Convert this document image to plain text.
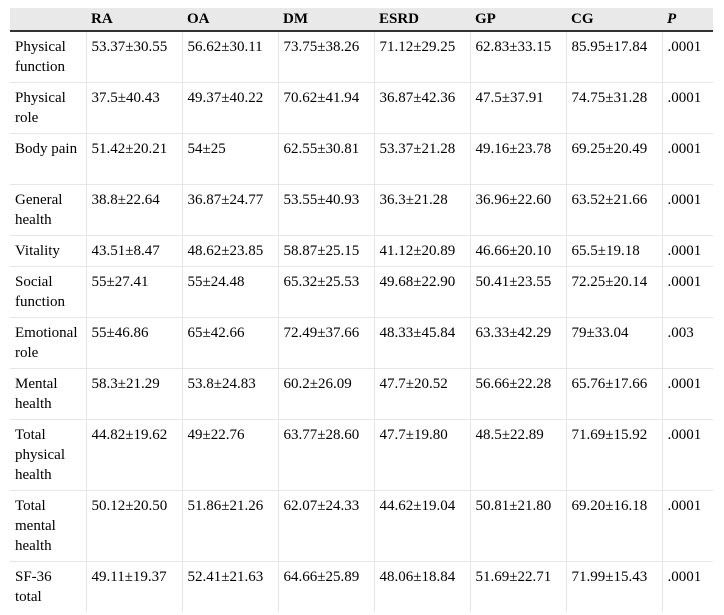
	RA	OA	DM	ESRD	GP	CG	P
Physical function	53.37±30.55	56.62±30.11	73.75±38.26	71.12±29.25	62.83±33.15	85.95±17.84	.0001
Physical role	37.5±40.43	49.37±40.22	70.62±41.94	36.87±42.36	47.5±37.91	74.75±31.28	.0001
Body pain	51.42±20.21	54±25	62.55±30.81	53.37±21.28	49.16±23.78	69.25±20.49	.0001
General health	38.8±22.64	36.87±24.77	53.55±40.93	36.3±21.28	36.96±22.60	63.52±21.66	.0001
Vitality	43.51±8.47	48.62±23.85	58.87±25.15	41.12±20.89	46.66±20.10	65.5±19.18	.0001
Social function	55±27.41	55±24.48	65.32±25.53	49.68±22.90	50.41±23.55	72.25±20.14	.0001
Emotional role	55±46.86	65±42.66	72.49±37.66	48.33±45.84	63.33±42.29	79±33.04	.003
Mental health	58.3±21.29	53.8±24.83	60.2±26.09	47.7±20.52	56.66±22.28	65.76±17.66	.0001
Total physical health	44.82±19.62	49±22.76	63.77±28.60	47.7±19.80	48.5±22.89	71.69±15.92	.0001
Total mental health	50.12±20.50	51.86±21.26	62.07±24.33	44.62±19.04	50.81±21.80	69.20±16.18	.0001
SF-36 total	49.11±19.37	52.41±21.63	64.66±25.89	48.06±18.84	51.69±22.71	71.99±15.43	.0001
